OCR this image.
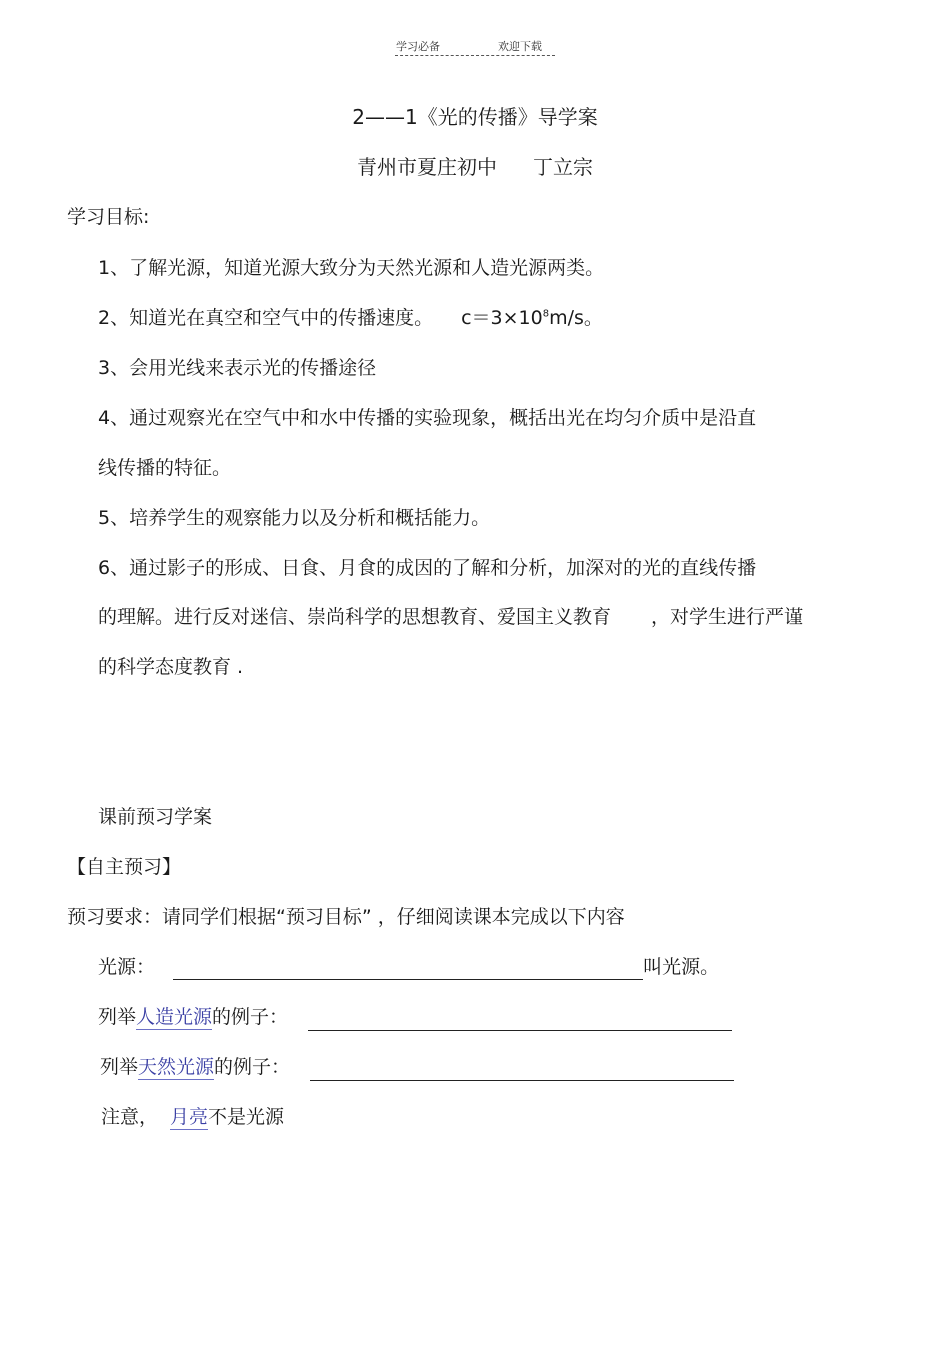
学习必备	欢迎下载
2——1《光的传播》导学案
青州市夏庄初中 丁立宗
学习目标:
1、了解光源，知道光源大致分为天然光源和人造光源两类。
2、知道光在真空和空气中的传播速度。 $c=3\times 10^8m∕s$。
3、会用光线来表示光的传播途径
4、通过观察光在空气中和水中传播的实验现象，概括出光在均匀介质中是沿直
线传播的特征。
5、培养学生的观察能力以及分析和概括能力。
6、通过影子的形成、日食、月食的成因的了解和分析，加深对的光的直线传播
的理解。进行反对迷信、崇尚科学的思想教育、爱国主义教育 ，对学生进行严谨
的科学态度教育 .
课前预习学案
【自主预习】
预习要求：请同学们根据“预习目标” ，仔细阅读课本完成以下内容
光源：	叫光源。
列举人造光源的例子：
列举天然光源的例子：
注意， 月亮不是光源
